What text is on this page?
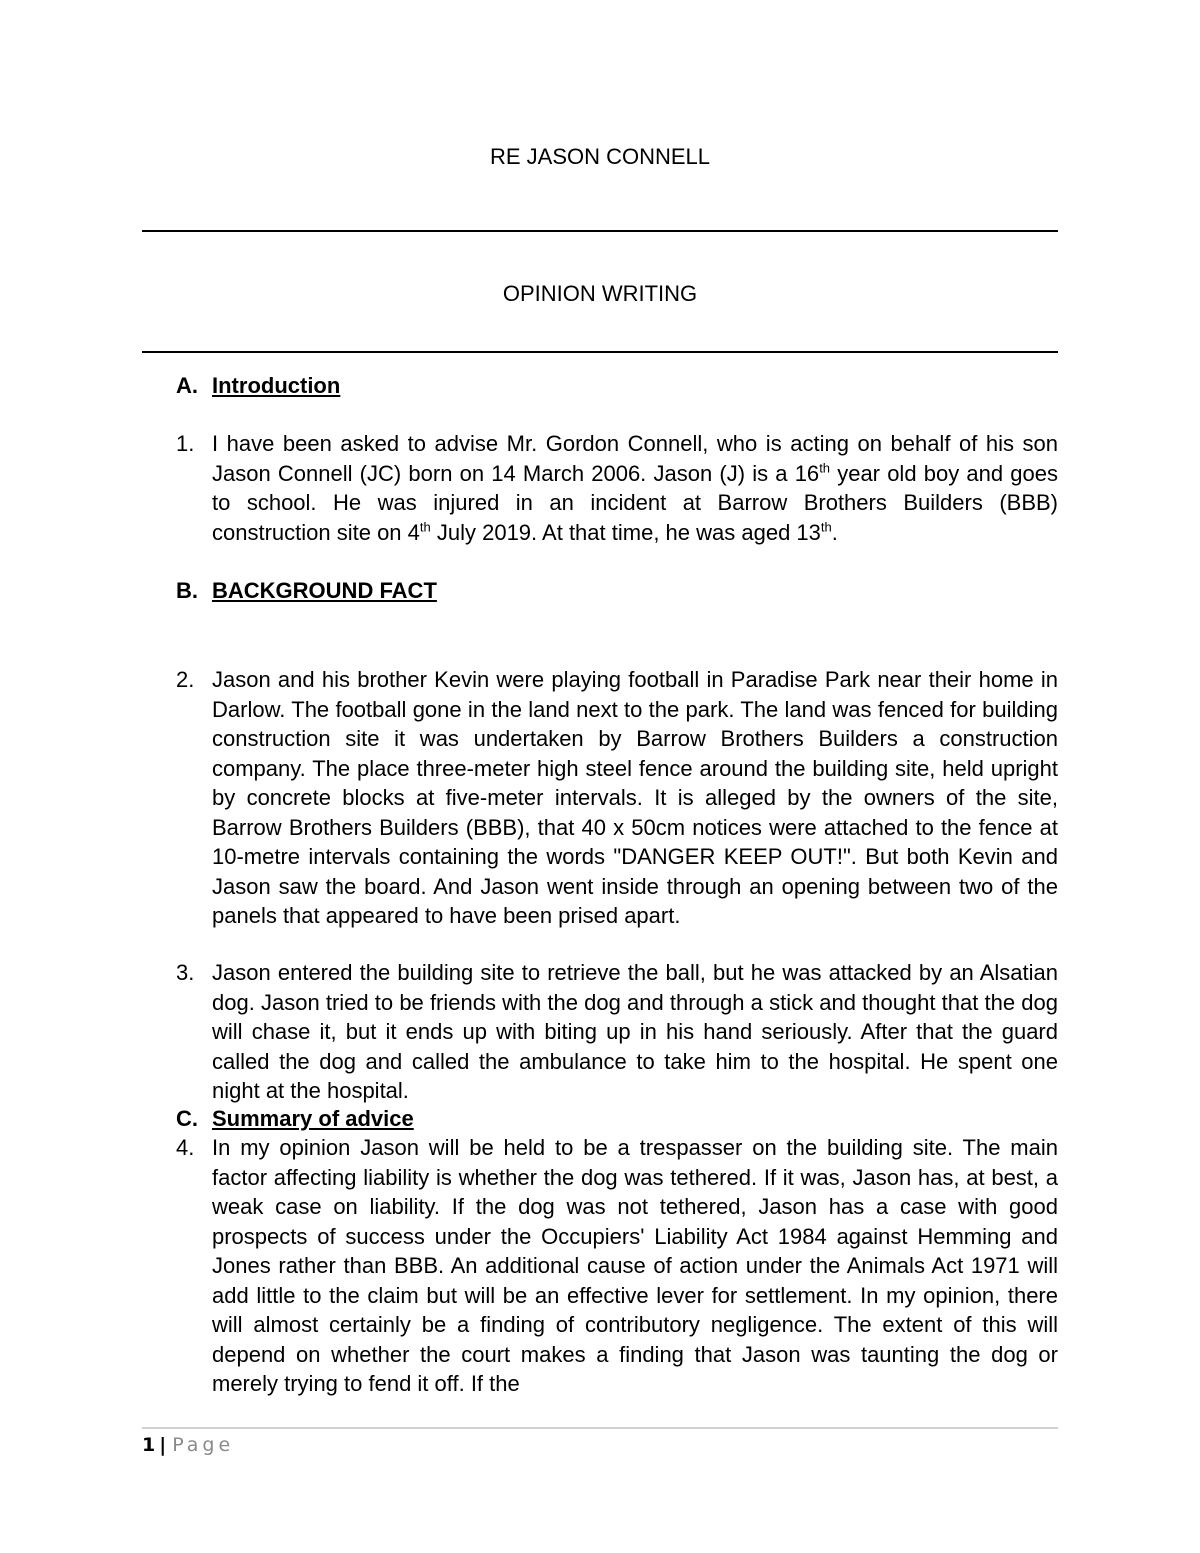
RE JASON CONNELL
OPINION WRITING
A. Introduction
1. I have been asked to advise Mr. Gordon Connell, who is acting on behalf of his son Jason Connell (JC) born on 14 March 2006. Jason (J) is a 16th year old boy and goes to school. He was injured in an incident at Barrow Brothers Builders (BBB) construction site on 4th July 2019. At that time, he was aged 13th.
B. BACKGROUND FACT
2. Jason and his brother Kevin were playing football in Paradise Park near their home in Darlow. The football gone in the land next to the park. The land was fenced for building construction site it was undertaken by Barrow Brothers Builders a construction company. The place three-meter high steel fence around the building site, held upright by concrete blocks at five-meter intervals. It is alleged by the owners of the site, Barrow Brothers Builders (BBB), that 40 x 50cm notices were attached to the fence at 10-metre intervals containing the words "DANGER KEEP OUT!". But both Kevin and Jason saw the board. And Jason went inside through an opening between two of the panels that appeared to have been prised apart.
3. Jason entered the building site to retrieve the ball, but he was attacked by an Alsatian dog. Jason tried to be friends with the dog and through a stick and thought that the dog will chase it, but it ends up with biting up in his hand seriously. After that the guard called the dog and called the ambulance to take him to the hospital. He spent one night at the hospital.
C. Summary of advice
4. In my opinion Jason will be held to be a trespasser on the building site. The main factor affecting liability is whether the dog was tethered. If it was, Jason has, at best, a weak case on liability. If the dog was not tethered, Jason has a case with good prospects of success under the Occupiers' Liability Act 1984 against Hemming and Jones rather than BBB. An additional cause of action under the Animals Act 1971 will add little to the claim but will be an effective lever for settlement. In my opinion, there will almost certainly be a finding of contributory negligence. The extent of this will depend on whether the court makes a finding that Jason was taunting the dog or merely trying to fend it off. If the
1 | Page
